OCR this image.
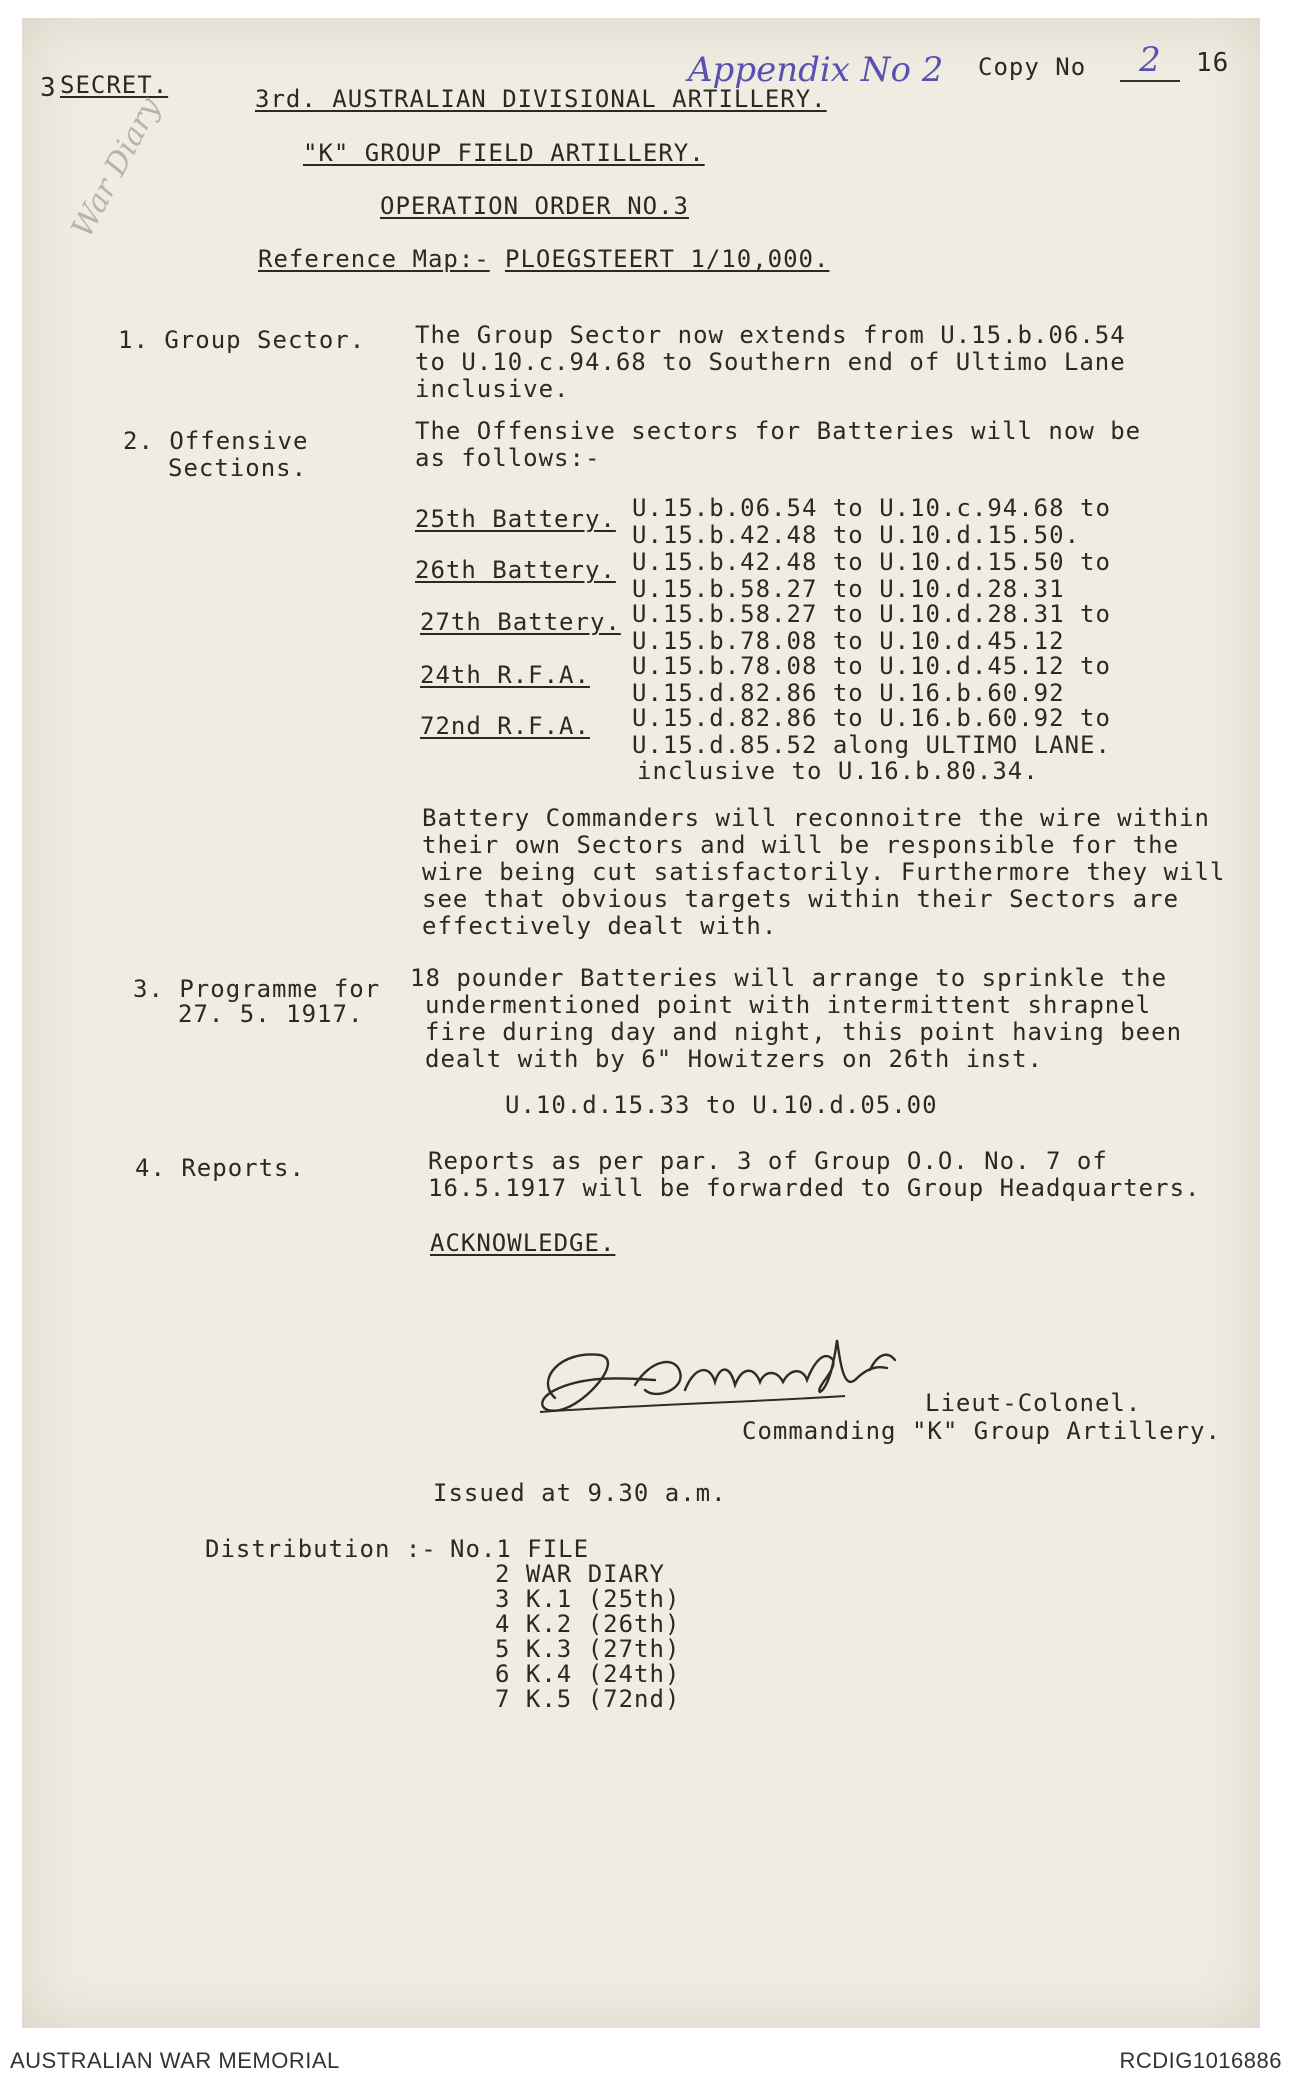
3 SECRET.
War Diary
Appendix No 2 Copy No	2	16
3rd. AUSTRALIAN DIVISIONAL ARTILLERY.
"K" GROUP FIELD ARTILLERY.
OPERATION ORDER NO.3
Reference Map:- PLOEGSTEERT 1/10,000.
1. Group Sector. The Group Sector now extends from U.15.b.06.54
to U.10.c.94.68 to Southern end of Ultimo Lane
inclusive.
2. Offensive
Sections.
The Offensive sectors for Batteries will now be
as follows:-
25th Battery. U.15.b.06.54 to U.10.c.94.68 to
U.15.b.42.48 to U.10.d.15.50.
26th Battery. U.15.b.42.48 to U.10.d.15.50 to
U.15.b.58.27 to U.10.d.28.31
27th Battery. U.15.b.58.27 to U.10.d.28.31 to
U.15.b.78.08 to U.10.d.45.12
24th R.F.A. U.15.b.78.08 to U.10.d.45.12 to
U.15.d.82.86 to U.16.b.60.92
72nd R.F.A. U.15.d.82.86 to U.16.b.60.92 to
U.15.d.85.52 along ULTIMO LANE.
inclusive to U.16.b.80.34.
Battery Commanders will reconnoitre the wire within
their own Sectors and will be responsible for the
wire being cut satisfactorily. Furthermore they will
see that obvious targets within their Sectors are
effectively dealt with.
3. Programme for
27. 5. 1917.
18 pounder Batteries will arrange to sprinkle the
undermentioned point with intermittent shrapnel
fire during day and night, this point having been
dealt with by 6" Howitzers on 26th inst.
U.10.d.15.33 to U.10.d.05.00
4. Reports.	Reports as per par. 3 of Group O.O. No. 7 of
16.5.1917 will be forwarded to Group Headquarters.
ACKNOWLEDGE.
Lieut-Colonel.
Commanding "K" Group Artillery.
Issued at 9.30 a.m.
Distribution :- No.1 FILE
2 WAR DIARY
3 K.1 (25th)
4 K.2 (26th)
5 K.3 (27th)
6 K.4 (24th)
7 K.5 (72nd)
AUSTRALIAN WAR MEMORIAL	RCDIG1016886
